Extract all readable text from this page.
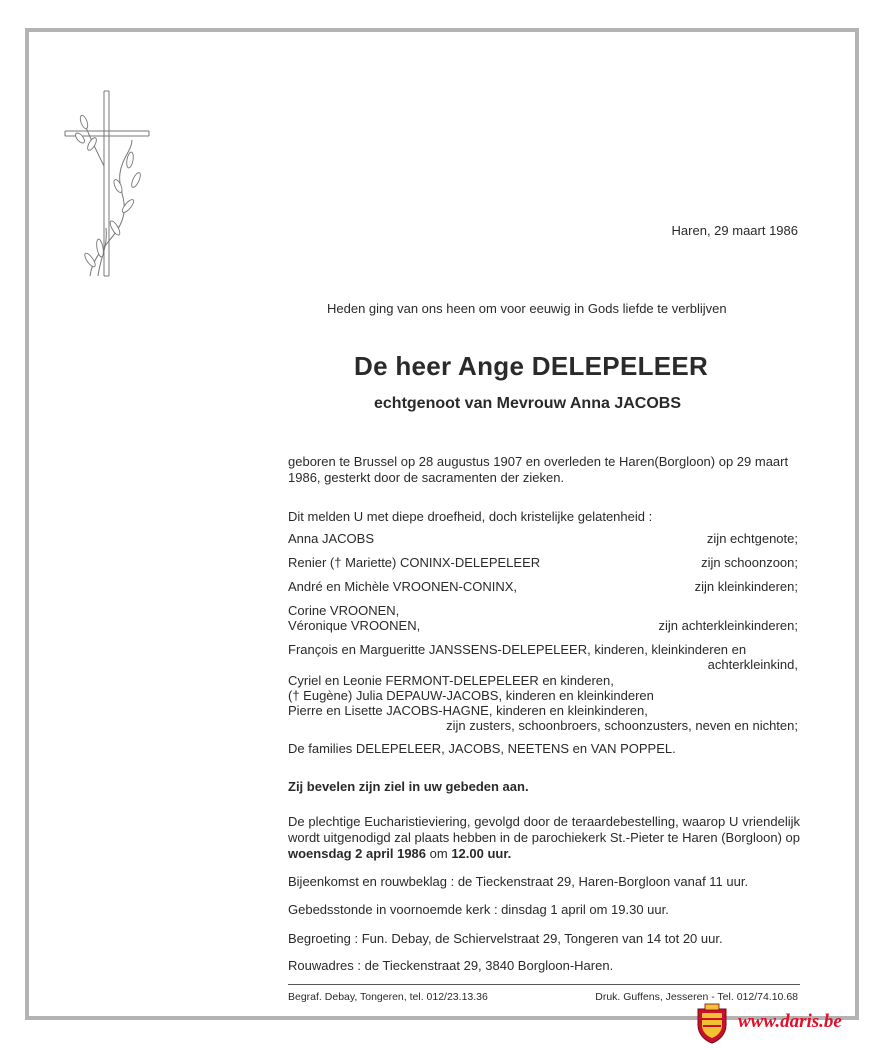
Haren, 29 maart 1986
Heden ging van ons heen om voor eeuwig in Gods liefde te verblijven
De heer Ange DELEPELEER
echtgenoot van Mevrouw Anna JACOBS
geboren te Brussel op 28 augustus 1907 en overleden te Haren(Borgloon) op 29 maart 1986, gesterkt door de sacramenten der zieken.
Dit melden U met diepe droefheid, doch kristelijke gelatenheid :
Anna JACOBS	zijn echtgenote;
Renier († Mariette) CONINX-DELEPELEER	zijn schoonzoon;
André en Michèle VROONEN-CONINX,	zijn kleinkinderen;
Corine VROONEN,
Véronique VROONEN,	zijn achterkleinkinderen;
François en Margueritte JANSSENS-DELEPELEER, kinderen, kleinkinderen en
achterkleinkind,
Cyriel en Leonie FERMONT-DELEPELEER en kinderen,
(† Eugène) Julia DEPAUW-JACOBS, kinderen en kleinkinderen
Pierre en Lisette JACOBS-HAGNE, kinderen en kleinkinderen,
zijn zusters, schoonbroers, schoonzusters, neven en nichten;
De families DELEPELEER, JACOBS, NEETENS en VAN POPPEL.
Zij bevelen zijn ziel in uw gebeden aan.
De plechtige Eucharistieviering, gevolgd door de teraardebestelling, waarop U vriendelijk wordt uitgenodigd zal plaats hebben in de parochiekerk St.-Pieter te Haren (Borgloon) op woensdag 2 april 1986 om 12.00 uur.
Bijeenkomst en rouwbeklag : de Tieckenstraat 29, Haren-Borgloon vanaf 11 uur.
Gebedsstonde in voornoemde kerk : dinsdag 1 april om 19.30 uur.
Begroeting : Fun. Debay, de Schiervelstraat 29, Tongeren van 14 tot 20 uur.
Rouwadres : de Tieckenstraat 29, 3840 Borgloon-Haren.
Begraf. Debay, Tongeren, tel. 012/23.13.36	Druk. Guffens, Jesseren - Tel. 012/74.10.68
www.daris.be
